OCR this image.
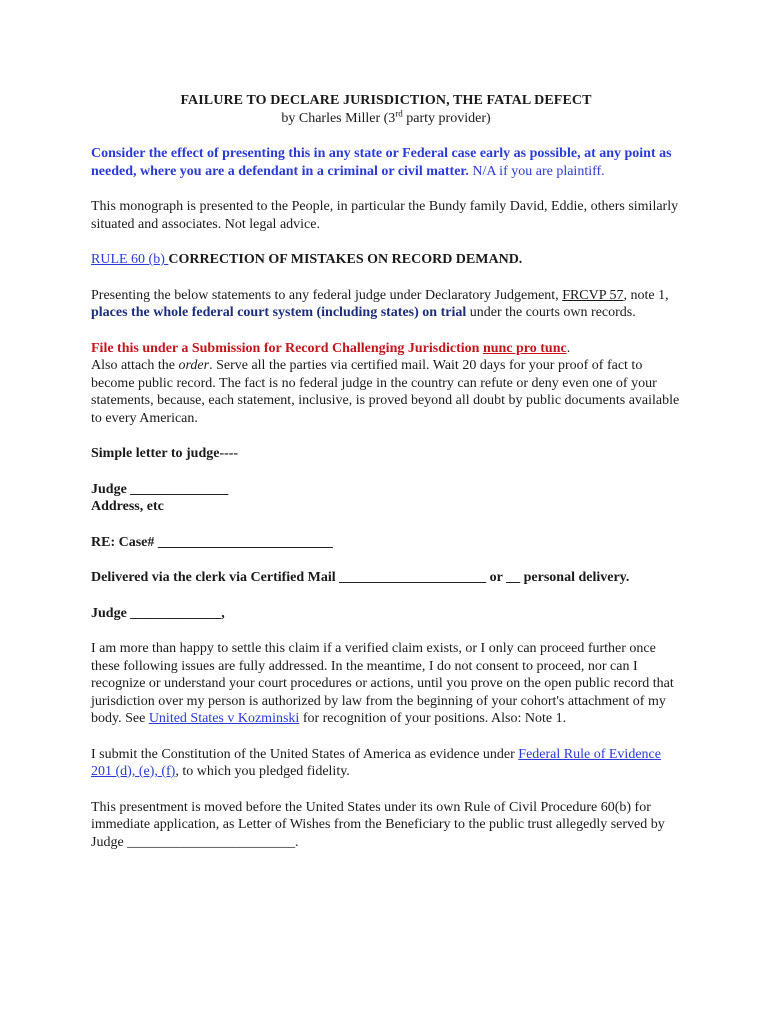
FAILURE TO DECLARE JURISDICTION, THE FATAL DEFECT

by Charles Miller (3rd party provider)

Consider the effect of presenting this in any state or Federal case early as possible, at any point as needed, where you are a defendant in a criminal or civil matter. N/A if you are plaintiff.

This monograph is presented to the People, in particular the Bundy family David, Eddie, others similarly situated and associates. Not legal advice.

RULE 60 (b) CORRECTION OF MISTAKES ON RECORD DEMAND.

Presenting the below statements to any federal judge under Declaratory Judgement, FRCVP 57, note 1, places the whole federal court system (including states) on trial under the courts own records.

File this under a Submission for Record Challenging Jurisdiction nunc pro tunc.

Also attach the order. Serve all the parties via certified mail. Wait 20 days for your proof of fact to become public record. The fact is no federal judge in the country can refute or deny even one of your statements, because, each statement, inclusive, is proved beyond all doubt by public documents available to every American.

Simple letter to judge----

Judge ______________

Address, etc

RE: Case# _________________________

Delivered via the clerk via Certified Mail _____________________ or __ personal delivery.

Judge _____________,

I am more than happy to settle this claim if a verified claim exists, or I only can proceed further once these following issues are fully addressed. In the meantime, I do not consent to proceed, nor can I recognize or understand your court procedures or actions, until you prove on the open public record that jurisdiction over my person is authorized by law from the beginning of your cohort's attachment of my body. See United States v Kozminski for recognition of your positions. Also: Note 1.

I submit the Constitution of the United States of America as evidence under Federal Rule of Evidence 201 (d), (e), (f), to which you pledged fidelity.

This presentment is moved before the United States under its own Rule of Civil Procedure 60(b) for immediate application, as Letter of Wishes from the Beneficiary to the public trust allegedly served by Judge ________________________.
